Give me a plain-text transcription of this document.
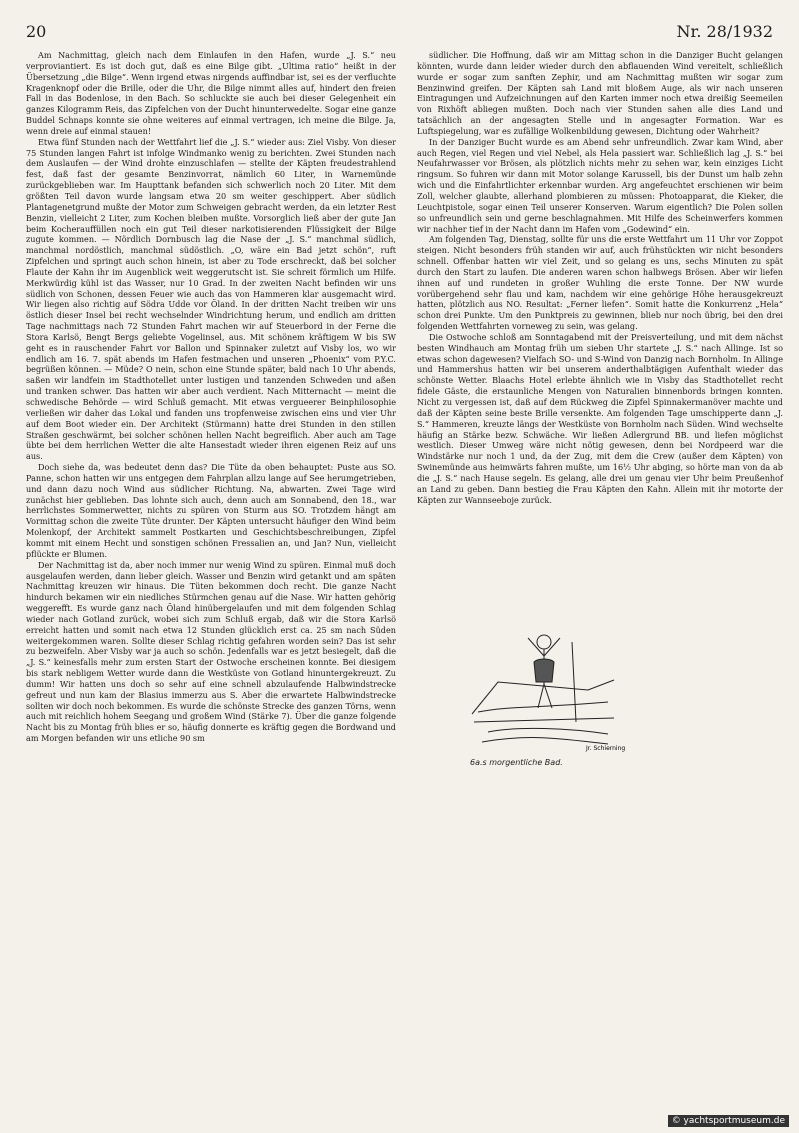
20	Nr. 28/1932

Am Nachmittag, gleich nach dem Einlaufen in den Hafen, wurde „J. S.“ neu verproviantiert. Es ist doch gut, daß es eine Bilge gibt. „Ultima ratio“ heißt in der Übersetzung „die Bilge“. Wenn irgend etwas nirgends auffindbar ist, sei es der verfluchte Kragenknopf oder die Brille, oder die Uhr, die Bilge nimmt alles auf, hindert den freien Fall in das Bodenlose, in den Bach. So schluckte sie auch bei dieser Gelegenheit ein ganzes Kilogramm Reis, das Zipfelchen von der Ducht hinunterwedelte. Sogar eine ganze Buddel Schnaps konnte sie ohne weiteres auf einmal vertragen, ich meine die Bilge. Ja, wenn dreie auf einmal stauen!

Etwa fünf Stunden nach der Wettfahrt lief die „J. S.“ wieder aus: Ziel Visby. Von dieser 75 Stunden langen Fahrt ist infolge Windmanko wenig zu berichten. Zwei Stunden nach dem Auslaufen — der Wind drohte einzuschlafen — stellte der Käpten freudestrahlend fest, daß fast der gesamte Benzinvorrat, nämlich 60 Liter, in Warnemünde zurückgeblieben war. Im Haupttank befanden sich schwerlich noch 20 Liter. Mit dem größten Teil davon wurde langsam etwa 20 sm weiter geschippert. Aber südlich Plantagenetgrund mußte der Motor zum Schweigen gebracht werden, da ein letzter Rest Benzin, vielleicht 2 Liter, zum Kochen bleiben mußte. Vorsorglich ließ aber der gute Jan beim Kocherauffüllen noch ein gut Teil dieser narkotisierenden Flüssigkeit der Bilge zugute kommen. — Nördlich Dornbusch lag die Nase der „J. S.“ manchmal südlich, manchmal nordöstlich, manchmal südöstlich. „O, wäre ein Bad jetzt schön“, ruft Zipfelchen und springt auch schon hinein, ist aber zu Tode erschreckt, daß bei solcher Flaute der Kahn ihr im Augenblick weit weggerutscht ist. Sie schreit förmlich um Hilfe. Merkwürdig kühl ist das Wasser, nur 10 Grad. In der zweiten Nacht befinden wir uns südlich von Schonen, dessen Feuer wie auch das von Hammeren klar ausgemacht wird. Wir liegen also richtig auf Södra Udde vor Öland. In der dritten Nacht treiben wir uns östlich dieser Insel bei recht wechselnder Windrichtung herum, und endlich am dritten Tage nachmittags nach 72 Stunden Fahrt machen wir auf Steuerbord in der Ferne die Stora Karlsö, Bengt Bergs geliebte Vogelinsel, aus. Mit schönem kräftigem W bis SW geht es in rauschender Fahrt vor Ballon und Spinnaker zuletzt auf Visby los, wo wir endlich am 16. 7. spät abends im Hafen festmachen und unseren „Phoenix“ vom P.Y.C. begrüßen können. — Müde? O nein, schon eine Stunde später, bald nach 10 Uhr abends, saßen wir landfein im Stadthotellet unter lustigen und tanzenden Schweden und aßen und tranken schwer. Das hatten wir aber auch verdient. Nach Mitternacht — meint die schwedische Behörde — wird Schluß gemacht. Mit etwas vergueerer Beinphilosophie verließen wir daher das Lokal und fanden uns tropfenweise zwischen eins und vier Uhr auf dem Boot wieder ein. Der Architekt (Stürmann) hatte drei Stunden in den stillen Straßen geschwärmt, bei solcher schönen hellen Nacht begreiflich. Aber auch am Tage übte bei dem herrlichen Wetter die alte Hansestadt wieder ihren eigenen Reiz auf uns aus.

Doch siehe da, was bedeutet denn das? Die Tüte da oben behauptet: Puste aus SO. Panne, schon hatten wir uns entgegen dem Fahrplan allzu lange auf See herumgetrieben, und dann dazu noch Wind aus südlicher Richtung. Na, abwarten. Zwei Tage wird zunächst hier geblieben. Das lohnte sich auch, denn auch am Sonnabend, den 18., war herrlichstes Sommerwetter, nichts zu spüren von Sturm aus SO. Trotzdem hängt am Vormittag schon die zweite Tüte drunter. Der Käpten untersucht häufiger den Wind beim Molenkopf, der Architekt sammelt Postkarten und Geschichtsbeschreibungen, Zipfel kommt mit einem Hecht und sonstigen schönen Fressalien an, und Jan? Nun, vielleicht pflückte er Blumen.

Der Nachmittag ist da, aber noch immer nur wenig Wind zu spüren. Einmal muß doch ausgelaufen werden, dann lieber gleich. Wasser und Benzin wird getankt und am späten Nachmittag kreuzen wir hinaus. Die Tüten bekommen doch recht. Die ganze Nacht hindurch bekamen wir ein niedliches Stürmchen genau auf die Nase. Wir hatten gehörig weggerefft. Es wurde ganz nach Öland hinübergelaufen und mit dem folgenden Schlag wieder nach Gotland zurück, wobei sich zum Schluß ergab, daß wir die Stora Karlsö erreicht hatten und somit nach etwa 12 Stunden glücklich erst ca. 25 sm nach Süden weitergekommen waren. Sollte dieser Schlag richtig gefahren worden sein? Das ist sehr zu bezweifeln. Aber Visby war ja auch so schön. Jedenfalls war es jetzt besiegelt, daß die „J. S.“ keinesfalls mehr zum ersten Start der Ostwoche erscheinen konnte. Bei diesigem bis stark nebligem Wetter wurde dann die Westküste von Gotland hinuntergekreuzt. Zu dumm! Wir hatten uns doch so sehr auf eine schnell abzulaufende Halbwindstrecke gefreut und nun kam der Blasius immerzu aus S. Aber die erwartete Halbwindstrecke sollten wir doch noch bekommen. Es wurde die schönste Strecke des ganzen Törns, wenn auch mit reichlich hohem Seegang und großem Wind (Stärke 7). Über die ganze folgende Nacht bis zu Montag früh blies er so, häufig donnerte es kräftig gegen die Bordwand und am Morgen befanden wir uns etliche 90 sm

südlicher. Die Hoffnung, daß wir am Mittag schon in die Danziger Bucht gelangen könnten, wurde dann leider wieder durch den abflauenden Wind vereitelt, schließlich wurde er sogar zum sanften Zephir, und am Nachmittag mußten wir sogar zum Benzinwind greifen. Der Käpten sah Land mit bloßem Auge, als wir nach unseren Eintragungen und Aufzeichnungen auf den Karten immer noch etwa dreißig Seemeilen von Rixhöft abliegen mußten. Doch nach vier Stunden sahen alle dies Land und tatsächlich an der angesagten Stelle und in angesagter Formation. War es Luftspiegelung, war es zufällige Wolkenbildung gewesen, Dichtung oder Wahrheit?

In der Danziger Bucht wurde es am Abend sehr unfreundlich. Zwar kam Wind, aber auch Regen, viel Regen und viel Nebel, als Hela passiert war. Schließlich lag „J. S.“ bei Neufahrwasser vor Brösen, als plötzlich nichts mehr zu sehen war, kein einziges Licht ringsum. So fuhren wir dann mit Motor solange Karussell, bis der Dunst um halb zehn wich und die Einfahrtlichter erkennbar wurden. Arg angefeuchtet erschienen wir beim Zoll, welcher glaubte, allerhand plombieren zu müssen: Photoapparat, die Kieker, die Leuchtpistole, sogar einen Teil unserer Konserven. Warum eigentlich? Die Polen sollen so unfreundlich sein und gerne beschlagnahmen. Mit Hilfe des Scheinwerfers kommen wir nachher tief in der Nacht dann im Hafen vom „Godewind“ ein.

Am folgenden Tag, Dienstag, sollte für uns die erste Wettfahrt um 11 Uhr vor Zoppot steigen. Nicht besonders früh standen wir auf, auch frühstückten wir nicht besonders schnell. Offenbar hatten wir viel Zeit, und so gelang es uns, sechs Minuten zu spät durch den Start zu laufen. Die anderen waren schon halbwegs Brösen. Aber wir liefen ihnen auf und rundeten in großer Wuhling die erste Tonne. Der NW wurde vorübergehend sehr flau und kam, nachdem wir eine gehörige Höhe herausgekreuzt hatten, plötzlich aus NO. Resultat: „Ferner liefen“. Somit hatte die Konkurrenz „Hela“ schon drei Punkte. Um den Punktpreis zu gewinnen, blieb nur noch übrig, bei den drei folgenden Wettfahrten vorneweg zu sein, was gelang.

Die Ostwoche schloß am Sonntagabend mit der Preisverteilung, und mit dem nächst besten Windhauch am Montag früh um sieben Uhr startete „J. S.“ nach Allinge. Ist so etwas schon dagewesen? Vielfach SO- und S-Wind von Danzig nach Bornholm. In Allinge und Hammershus hatten wir bei unserem anderthalbtägigen Aufenthalt wieder das schönste Wetter. Blaachs Hotel erlebte ähnlich wie in Visby das Stadthotellet recht fidele Gäste, die erstaunliche Mengen von Naturalien binnenbords bringen konnten. Nicht zu vergessen ist, daß auf dem Rückweg die Zipfel Spinnakermanöver machte und daß der Käpten seine beste Brille versenkte. Am folgenden Tage umschipperte dann „J. S.“ Hammeren, kreuzte längs der Westküste von Bornholm nach Süden. Wind wechselte häufig an Stärke bezw. Schwäche. Wir ließen Adlergrund BB. und liefen möglichst westlich. Dieser Umweg wäre nicht nötig gewesen, denn bei Nordpeerd war die Windstärke nur noch 1 und, da der Zug, mit dem die Crew (außer dem Käpten) von Swinemünde aus heimwärts fahren mußte, um 16½ Uhr abging, so hörte man von da ab die „J. S.“ nach Hause segeln. Es gelang, alle drei um genau vier Uhr beim Preußenhof an Land zu geben. Dann bestieg die Frau Käpten den Kahn. Allein mit ihr motorte der Käpten zur Wannseeboje zurück.

Jr. Schierning
6a.s morgentliche Bad.
© yachtsportmuseum.de
